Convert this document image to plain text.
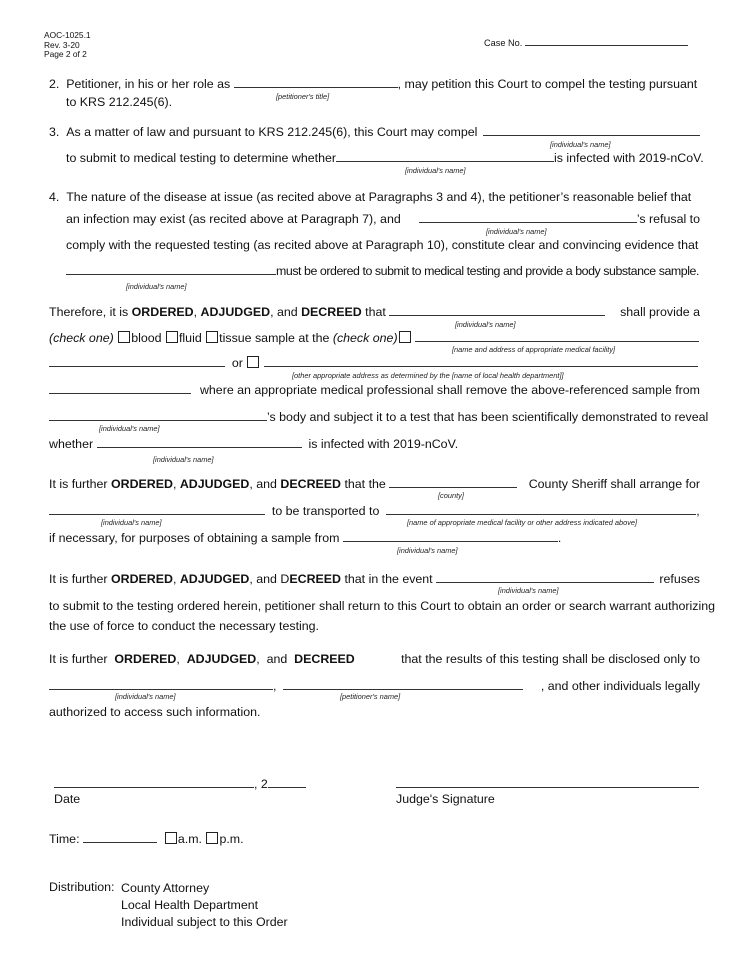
AOC-1025.1
Rev. 3-20
Page 2 of 2
Case No.
2. Petitioner, in his or her role as	, may petition this Court to compel the testing pursuant
[petitioner's title]
to KRS 212.245(6).
3. As a matter of law and pursuant to KRS 212.245(6), this Court may compel
[individual's name]
to submit to medical testing to determine whether	is infected with 2019-nCoV.
[individual's name]
4. The nature of the disease at issue (as recited above at Paragraphs 3 and 4), the petitioner’s reasonable belief that
an infection may exist (as recited above at Paragraph 7), and	’s refusal to
[individual's name]
comply with the requested testing (as recited above at Paragraph 10), constitute clear and convincing evidence that
must be ordered to submit to medical testing and provide a body substance sample.
[individual's name]
Therefore, it is ORDERED, ADJUDGED, and DECREED that	shall provide a
[individual's name]
(check one) blood fluid tissue sample at the (check one)
[name and address of appropriate medical facility]
or
[other appropriate address as determined by the [name of local health department]]
where an appropriate medical professional shall remove the above-referenced sample from
’s body and subject it to a test that has been scientifically demonstrated to reveal
[individual's name]
whether	is infected with 2019-nCoV.
[individual's name]
It is further ORDERED, ADJUDGED, and DECREED that the	County Sheriff shall arrange for
[county]
to be transported to	,
[individual's name]	[name of appropriate medical facility or other address indicated above]
if necessary, for purposes of obtaining a sample from	.
[individual's name]
It is further ORDERED, ADJUDGED, and DECREED that in the event	refuses
[individual's name]
to submit to the testing ordered herein, petitioner shall return to this Court to obtain an order or search warrant authorizing
the use of force to conduct the necessary testing.
It is further ORDERED,  ADJUDGED,  and  DECREED	that the results of this testing shall be disclosed only to
,	, and other individuals legally
[individual's name]	[petitioner's name]
authorized to access such information.
, 2
Date	Judge's Signature
Time:	a.m. p.m.
Distribution: County Attorney
Local Health Department
Individual subject to this Order
